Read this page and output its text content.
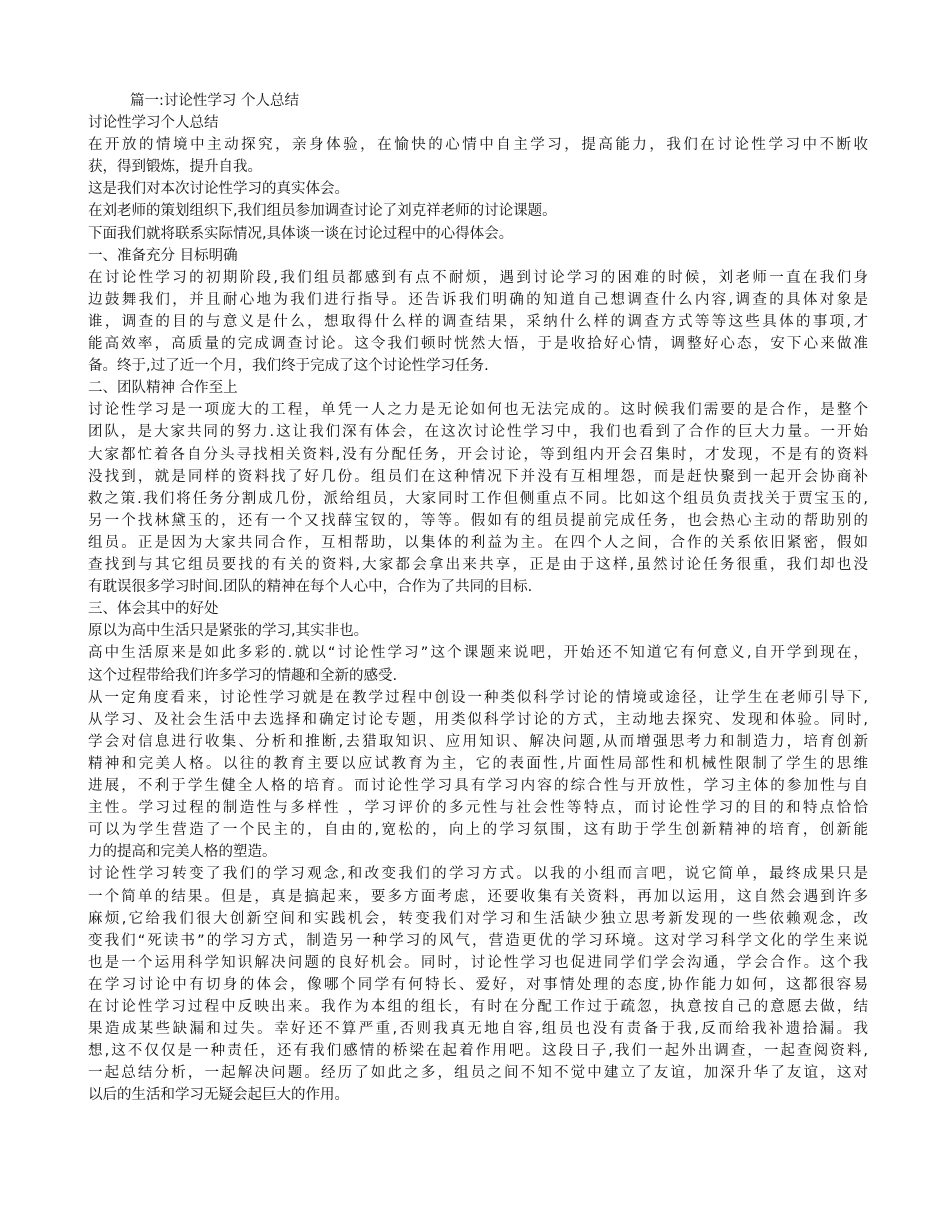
篇一:讨论性学习 个人总结
讨论性学习个人总结
在开放的情境中主动探究，亲身体验，在愉快的心情中自主学习，提高能力，我们在讨论性学习中不断收
获，得到锻炼，提升自我。
这是我们对本次讨论性学习的真实体会。
在刘老师的策划组织下,我们组员参加调查讨论了刘克祥老师的讨论课题。
下面我们就将联系实际情况,具体谈一谈在讨论过程中的心得体会。
一、准备充分 目标明确
在讨论性学习的初期阶段,我们组员都感到有点不耐烦，遇到讨论学习的困难的时候，刘老师一直在我们身
边鼓舞我们，并且耐心地为我们进行指导。还告诉我们明确的知道自己想调查什么内容,调查的具体对象是
谁，调查的目的与意义是什么，想取得什么样的调查结果，采纳什么样的调查方式等等这些具体的事项,才
能高效率，高质量的完成调查讨论。这令我们顿时恍然大悟，于是收拾好心情，调整好心态，安下心来做准
备。终于,过了近一个月，我们终于完成了这个讨论性学习任务.
二、团队精神 合作至上
讨论性学习是一项庞大的工程，单凭一人之力是无论如何也无法完成的。这时候我们需要的是合作，是整个
团队，是大家共同的努力.这让我们深有体会，在这次讨论性学习中，我们也看到了合作的巨大力量。一开始
大家都忙着各自分头寻找相关资料,没有分配任务，开会讨论，等到组内开会召集时，才发现，不是有的资料
没找到，就是同样的资料找了好几份。组员们在这种情况下并没有互相埋怨，而是赶快聚到一起开会协商补
救之策.我们将任务分割成几份，派给组员，大家同时工作但侧重点不同。比如这个组员负责找关于贾宝玉的,
另一个找林黛玉的，还有一个又找薛宝钗的，等等。假如有的组员提前完成任务，也会热心主动的帮助别的
组员。正是因为大家共同合作，互相帮助，以集体的利益为主。在四个人之间，合作的关系依旧紧密，假如
查找到与其它组员要找的有关的资料,大家都会拿出来共享，正是由于这样,虽然讨论任务很重，我们却也没
有耽误很多学习时间.团队的精神在每个人心中，合作为了共同的目标.
三、体会其中的好处
原以为高中生活只是紧张的学习,其实非也。
高中生活原来是如此多彩的.就以“讨论性学习”这个课题来说吧，开始还不知道它有何意义,自开学到现在，
这个过程带给我们许多学习的情趣和全新的感受.
从一定角度看来，讨论性学习就是在教学过程中创设一种类似科学讨论的情境或途径，让学生在老师引导下,
从学习、及社会生活中去选择和确定讨论专题，用类似科学讨论的方式，主动地去探究、发现和体验。同时,
学会对信息进行收集、分析和推断,去猎取知识、应用知识、解决问题,从而增强思考力和制造力，培育创新
精神和完美人格。以往的教育主要以应试教育为主，它的表面性,片面性局部性和机械性限制了学生的思维
进展，不利于学生健全人格的培育。而讨论性学习具有学习内容的综合性与开放性，学习主体的参加性与自
主性。学习过程的制造性与多样性 ，学习评价的多元性与社会性等特点，而讨论性学习的目的和特点恰恰
可以为学生营造了一个民主的，自由的,宽松的，向上的学习氛围，这有助于学生创新精神的培育，创新能
力的提高和完美人格的塑造。
讨论性学习转变了我们的学习观念,和改变我们的学习方式。以我的小组而言吧，说它简单，最终成果只是
一个简单的结果。但是，真是搞起来，要多方面考虑，还要收集有关资料，再加以运用，这自然会遇到许多
麻烦,它给我们很大创新空间和实践机会，转变我们对学习和生活缺少独立思考新发现的一些依赖观念，改
变我们“死读书”的学习方式，制造另一种学习的风气，营造更优的学习环境。这对学习科学文化的学生来说
也是一个运用科学知识解决问题的良好机会。同时，讨论性学习也促进同学们学会沟通，学会合作。这个我
在学习讨论中有切身的体会，像哪个同学有何特长、爱好，对事情处理的态度,协作能力如何，这都很容易
在讨论性学习过程中反映出来。我作为本组的组长，有时在分配工作过于疏忽，执意按自己的意愿去做，结
果造成某些缺漏和过失。幸好还不算严重,否则我真无地自容,组员也没有责备于我,反而给我补遗拾漏。我
想,这不仅仅是一种责任，还有我们感情的桥梁在起着作用吧。这段日子,我们一起外出调查，一起查阅资料,
一起总结分析，一起解决问题。经历了如此之多，组员之间不知不觉中建立了友谊，加深升华了友谊，这对
以后的生活和学习无疑会起巨大的作用。
